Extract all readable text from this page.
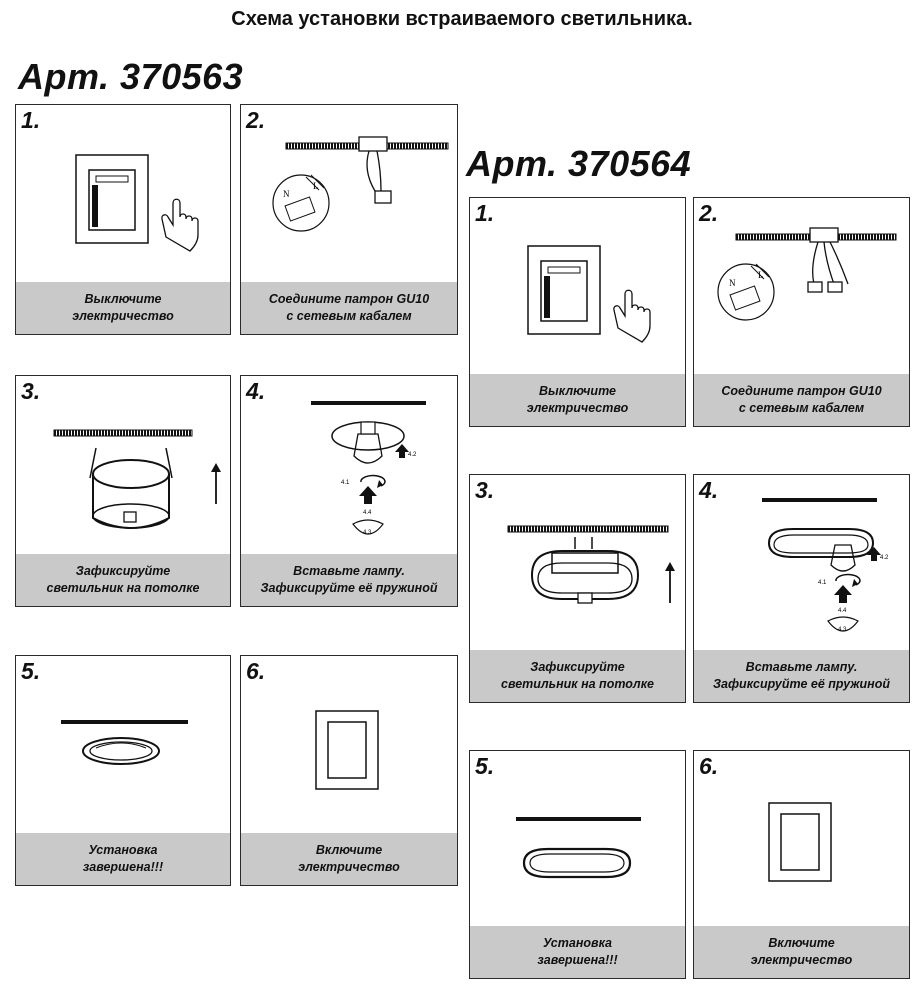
Схема установки встраиваемого светильника.
Арт. 370563
Арт. 370564
1.
Выключите
электричество
2.
N
L
Соедините патрон GU10
с сетевым кабалем
3.
Зафиксируйте
светильник на потолке
4.
4.2
4.1
4.4
4.3
Вставьте лампу.
Зафиксируйте её пружиной
5.
Установка
завершена!!!
6.
Включите
электричество
1.
Выключите
электричество
2.
N
L
Соедините патрон GU10
с сетевым кабалем
3.
Зафиксируйте
светильник на потолке
4.
4.2
4.1
4.4
4.3
Вставьте лампу.
Зафиксируйте её пружиной
5.
Установка
завершена!!!
6.
Включите
электричество
